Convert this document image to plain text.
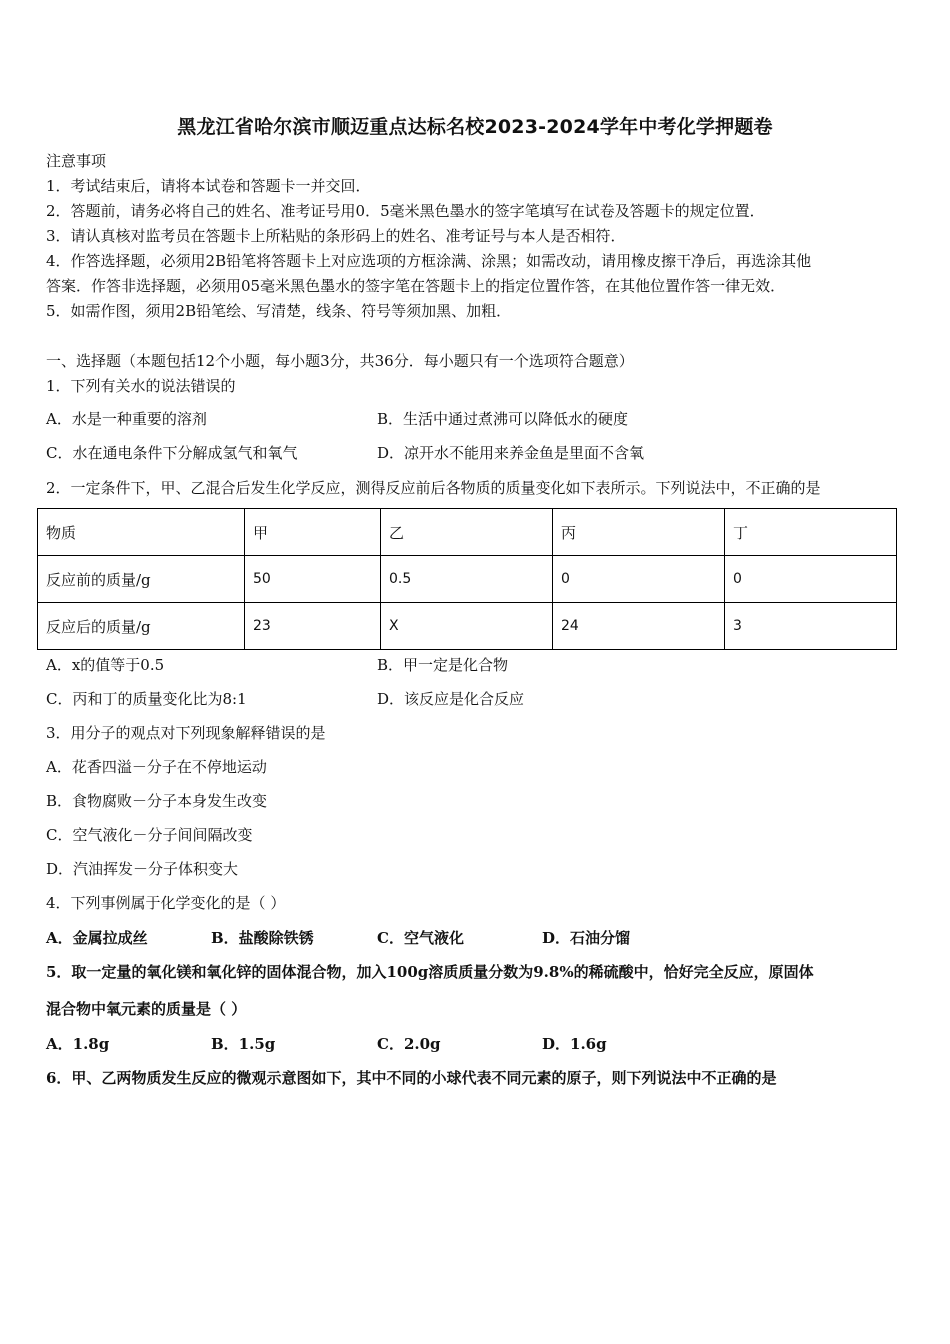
黑龙江省哈尔滨市顺迈重点达标名校2023-2024学年中考化学押题卷
注意事项
1．考试结束后，请将本试卷和答题卡一并交回．
2．答题前，请务必将自己的姓名、准考证号用0．5毫米黑色墨水的签字笔填写在试卷及答题卡的规定位置．
3．请认真核对监考员在答题卡上所粘贴的条形码上的姓名、准考证号与本人是否相符．
4．作答选择题，必须用2B铅笔将答题卡上对应选项的方框涂满、涂黑；如需改动，请用橡皮擦干净后，再选涂其他
答案．作答非选择题，必须用05毫米黑色墨水的签字笔在答题卡上的指定位置作答，在其他位置作答一律无效．
5．如需作图，须用2B铅笔绘、写清楚，线条、符号等须加黑、加粗．
一、选择题（本题包括12个小题，每小题3分，共36分．每小题只有一个选项符合题意）
1．下列有关水的说法错误的
A．水是一种重要的溶剂	B．生活中通过煮沸可以降低水的硬度
C．水在通电条件下分解成氢气和氧气	D．凉开水不能用来养金鱼是里面不含氧
2．一定条件下，甲、乙混合后发生化学反应，测得反应前后各物质的质量变化如下表所示。下列说法中，不正确的是
物质	甲	乙	丙	丁
反应前的质量/g	50	0.5	0	0
反应后的质量/g	23	X	24	3
A．x的值等于0.5	B．甲一定是化合物
C．丙和丁的质量变化比为8:1	D．该反应是化合反应
3．用分子的观点对下列现象解释错误的是
A．花香四溢－分子在不停地运动
B．食物腐败－分子本身发生改变
C．空气液化－分子间间隔改变
D．汽油挥发－分子体积变大
4．下列事例属于化学变化的是（ ）
A．金属拉成丝	B．盐酸除铁锈	C．空气液化	D．石油分馏
5．取一定量的氧化镁和氧化锌的固体混合物，加入100g溶质质量分数为9.8%的稀硫酸中，恰好完全反应，原固体
混合物中氧元素的质量是（ ）
A．1.8g	B．1.5g	C．2.0g	D．1.6g
6．甲、乙两物质发生反应的微观示意图如下，其中不同的小球代表不同元素的原子，则下列说法中不正确的是
